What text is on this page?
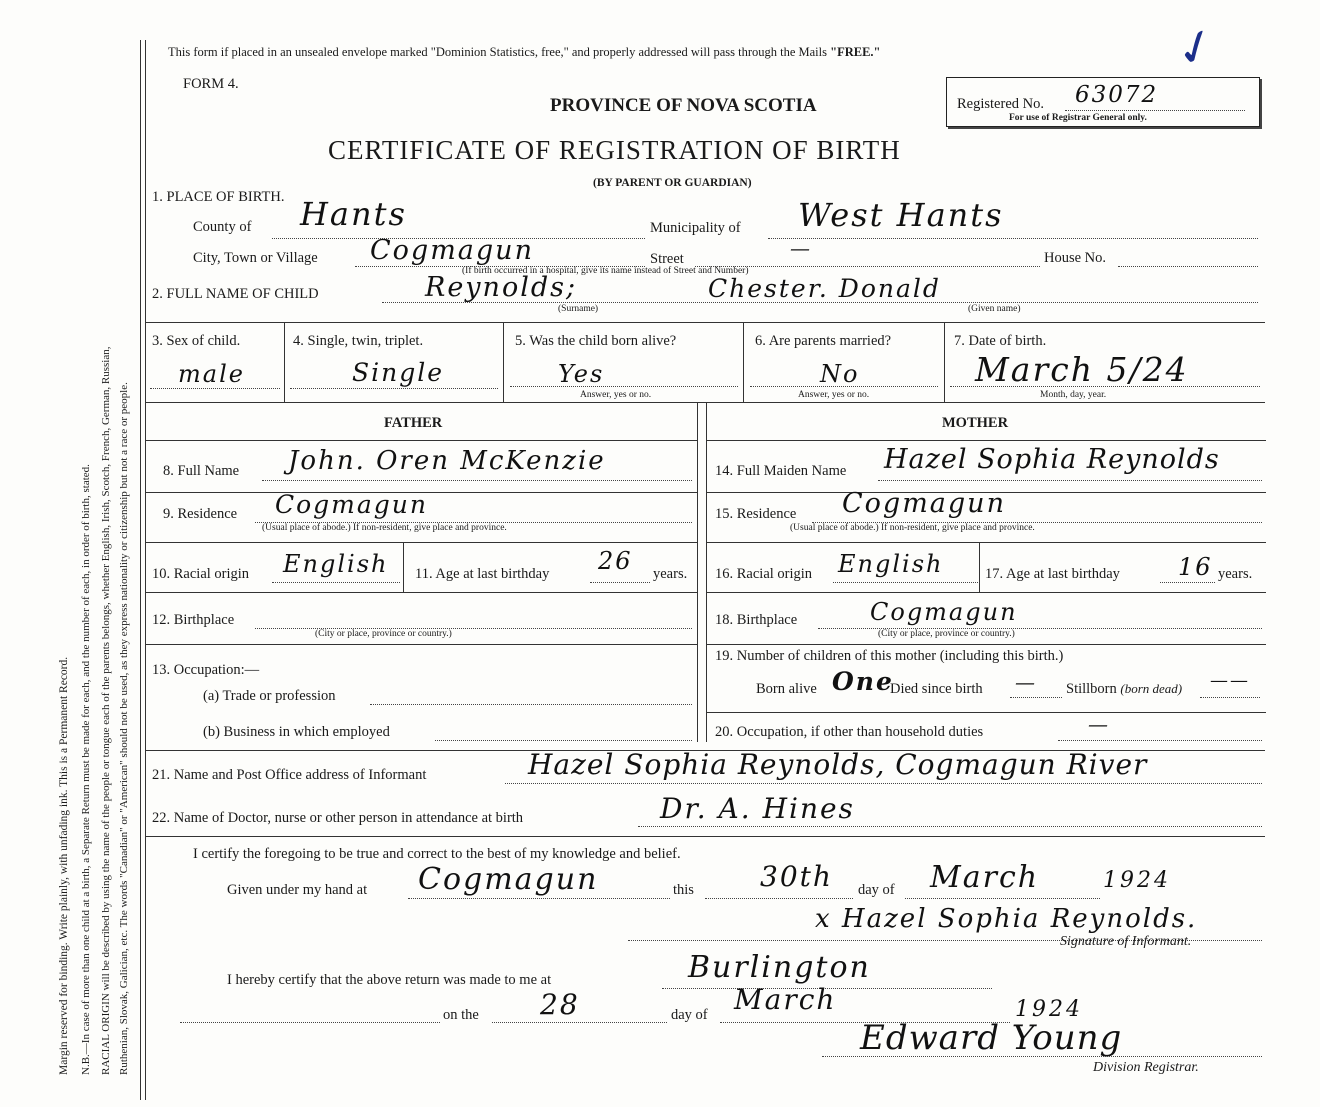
Margin reserved for binding. Write plainly, with unfading ink. This is a Permanent Record. N.B.—In case of more than one child at a birth, a Separate Return must be made for each, and the number of each, in order of birth, stated. RACIAL ORIGIN will be described by using the name of the people or tongue each of the parents belongs, whether English, Irish, Scotch, French, German, Russian, Ruthenian, Slovak, Galician, etc. The words "Canadian" or "American" should not be used, as they express nationality or citizenship but not a race or people.
This form if placed in an unsealed envelope marked "Dominion Statistics, free," and properly addressed will pass through the Mails "FREE."	✓
FORM 4.
PROVINCE OF NOVA SCOTIA
CERTIFICATE OF REGISTRATION OF BIRTH
(BY PARENT OR GUARDIAN)
Registered No. 63072
For use of Registrar General only.
1. PLACE OF BIRTH.
County of Hants	Municipality of West Hants
City, Town or Village Cogmagun	Street	—	House No.
(If birth occurred in a hospital, give its name instead of Street and Number)
2. FULL NAME OF CHILD	Reynolds;	Chester. Donald
(Surname)	(Given name)
3. Sex of child.
male
4. Single, twin, triplet.
Single
5. Was the child born alive?
Yes
Answer, yes or no.
6. Are parents married?
No
Answer, yes or no.
7. Date of birth.
March 5/24
Month, day, year.
FATHER	MOTHER
8. Full Name John. Oren McKenzie
9. Residence Cogmagun
(Usual place of abode.) If non-resident, give place and province.
10. Racial origin English 11. Age at last birthday 26 years.
12. Birthplace
(City or place, province or country.)
13. Occupation:—
(a) Trade or profession
(b) Business in which employed
14. Full Maiden Name Hazel Sophia Reynolds
15. Residence Cogmagun
(Usual place of abode.) If non-resident, give place and province.
16. Racial origin English	17. Age at last birthday 16 years.
18. Birthplace	Cogmagun
(City or place, province or country.)
19. Number of children of this mother (including this birth.)
Born alive One
Died since birth — Stillborn (born dead) ——
20. Occupation, if other than household duties	—
21. Name and Post Office address of Informant	Hazel Sophia Reynolds, Cogmagun River
22. Name of Doctor, nurse or other person in attendance at birth	Dr. A. Hines
I certify the foregoing to be true and correct to the best of my knowledge and belief.
Given under my hand at Cogmagun	this 30th day of March	1924
x Hazel Sophia Reynolds.
Signature of Informant.
I hereby certify that the above return was made to me at	Burlington
on the 28	day of March	1924
Edward Young
Division Registrar.
